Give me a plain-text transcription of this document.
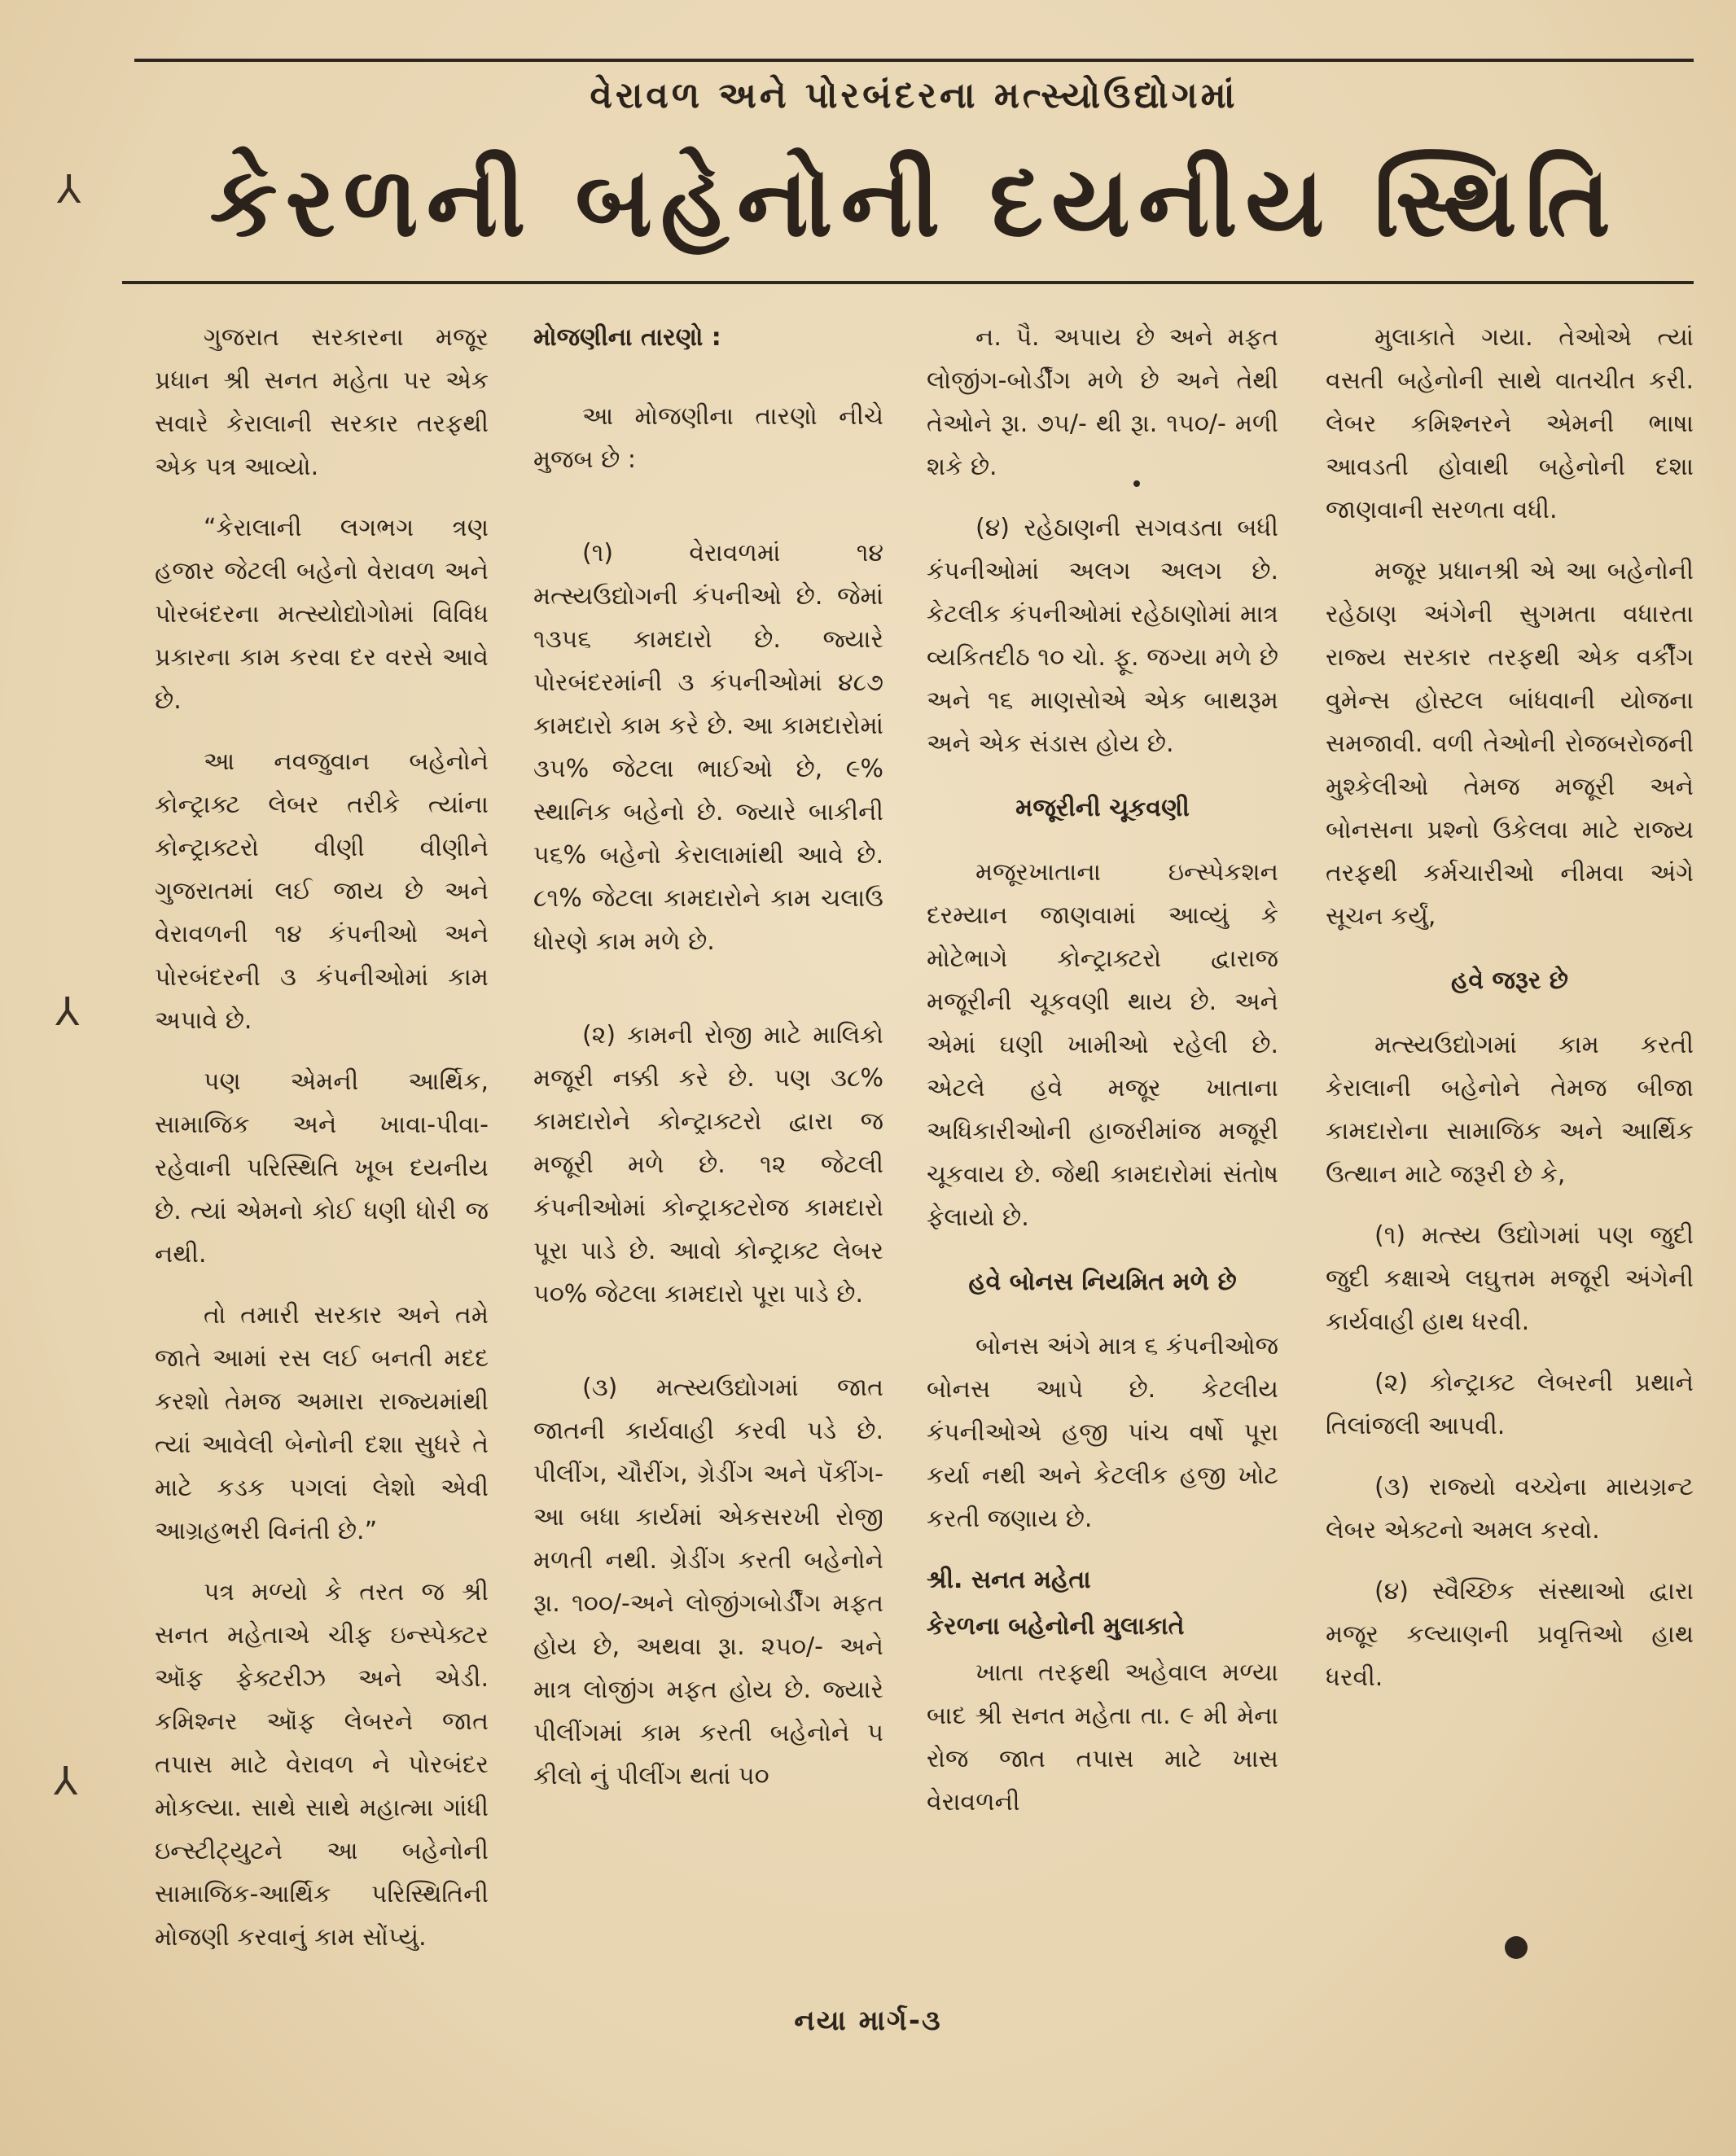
વેરાવળ અને પોરબંદરના મત્સ્યોઉદ્યોગમાં
કેરળની બહેનોની દયનીય સ્થિતિ
⅄
⅄
⅄

ગુજરાત સરકારના મજૂર પ્રધાન શ્રી સનત મહેતા પર એક સવારે કેરાલાની સરકાર તરફથી એક પત્ર આવ્યો.

“કેરાલાની લગભગ ત્રણ હજાર જેટલી બહેનો વેરાવળ અને પોરબંદરના મત્સ્યોદ્યોગોમાં વિવિધ પ્રકારના કામ કરવા દર વરસે આવે છે.

આ નવજુવાન બહેનોને કોન્ટ્રાક્ટ લેબર તરીકે ત્યાંના કોન્ટ્રાક્ટરો વીણી વીણીને ગુજરાતમાં લઈ જાય છે અને વેરાવળની ૧૪ કંપનીઓ અને પોરબંદરની ૩ કંપનીઓમાં કામ અપાવે છે.

પણ એમની આર્થિક, સામાજિક અને ખાવા-પીવા-રહેવાની પરિસ્થિતિ ખૂબ દયનીય છે. ત્યાં એમનો કોઈ ધણી ધોરી જ નથી.

તો તમારી સરકાર અને તમે જાતે આમાં રસ લઈ બનતી મદદ કરશો તેમજ અમારા રાજ્યમાંથી ત્યાં આવેલી બેનોની દશા સુધરે તે માટે કડક પગલાં લેશો એવી આગ્રહભરી વિનંતી છે.”

પત્ર મળ્યો કે તરત જ શ્રી સનત મહેતાએ ચીફ ઇન્સ્પેક્ટર ઑફ ફેક્ટરીઝ અને એડી. કમિશ્નર ઑફ લેબરને જાત તપાસ માટે વેરાવળ ને પોરબંદર મોકલ્યા. સાથે સાથે મહાત્મા ગાંધી ઇન્સ્ટીટ્યુટને આ બહેનોની સામાજિક-આર્થિક પરિસ્થિતિની મોજણી કરવાનું કામ સોંપ્યું.

મોજણીના તારણો :

આ મોજણીના તારણો નીચે મુજબ છે :

(૧) વેરાવળમાં ૧૪ મત્સ્યઉદ્યોગની કંપનીઓ છે. જેમાં ૧૩૫૬ કામદારો છે. જ્યારે પોરબંદરમાંની ૩ કંપનીઓમાં ૪૮૭ કામદારો કામ કરે છે. આ કામદારોમાં ૩૫% જેટલા ભાઈઓ છે, ૯% સ્થાનિક બહેનો છે. જ્યારે બાકીની ૫૬% બહેનો કેરાલામાંથી આવે છે. ૮૧% જેટલા કામદારોને કામ ચલાઉ ધોરણે કામ મળે છે.

(૨) કામની રોજી માટે માલિકો મજૂરી નક્કી કરે છે. પણ ૩૮% કામદારોને કોન્ટ્રાક્ટરો દ્વારા જ મજૂરી મળે છે. ૧૨ જેટલી કંપનીઓમાં કોન્ટ્રાક્ટરોજ કામદારો પૂરા પાડે છે. આવો કોન્ટ્રાક્ટ લેબર ૫૦% જેટલા કામદારો પૂરા પાડે છે.

(૩) મત્સ્યઉદ્યોગમાં જાત જાતની કાર્યવાહી કરવી પડે છે. પીલીંગ, ચૌરીંગ, ગ્રેડીંગ અને પૅકીંગ-આ બધા કાર્યમાં એકસરખી રોજી મળતી નથી. ગ્રેડીંગ કરતી બહેનોને રૂા. ૧૦૦/-અને લોજીંગબોર્ડીંગ મફત હોય છે, અથવા રૂા. ૨૫૦/- અને માત્ર લોજીંગ મફત હોય છે. જ્યારે પીલીંગમાં કામ કરતી બહેનોને ૫ કીલો નું પીલીંગ થતાં ૫૦

ન. પૈ. અપાય છે અને મફત લોજીંગ-બોર્ડીંગ મળે છે અને તેથી તેઓને રૂા. ૭૫/- થી રૂા. ૧૫૦/- મળી શકે છે.

(૪) રહેઠાણની સગવડતા બધી કંપનીઓમાં અલગ અલગ છે. કેટલીક કંપનીઓમાં રહેઠાણોમાં માત્ર વ્યકિતદીઠ ૧૦ ચો. ફૂ. જગ્યા મળે છે અને ૧૬ માણસોએ એક બાથરૂમ અને એક સંડાસ હોય છે.

મજૂરીની ચૂકવણી

મજૂરખાતાના ઇન્સ્પેકશન દરમ્યાન જાણવામાં આવ્યું કે મોટેભાગે કોન્ટ્રાક્ટરો દ્વારાજ મજૂરીની ચૂકવણી થાય છે. અને એમાં ઘણી ખામીઓ રહેલી છે. એટલે હવે મજૂર ખાતાના અધિકારીઓની હાજરીમાંજ મજૂરી ચૂકવાય છે. જેથી કામદારોમાં સંતોષ ફેલાયો છે.

હવે બોનસ નિયમિત મળે છે

બોનસ અંગે માત્ર ૬ કંપનીઓજ બોનસ આપે છે. કેટલીય કંપનીઓએ હજી પાંચ વર્ષો પૂરા કર્યા નથી અને કેટલીક હજી ખોટ કરતી જણાય છે.

શ્રી. સનત મહેતા

કેરળના બહેનોની મુલાકાતે

ખાતા તરફથી અહેવાલ મળ્યા બાદ શ્રી સનત મહેતા તા. ૯ મી મેના રોજ જાત તપાસ માટે ખાસ વેરાવળની

મુલાકાતે ગયા. તેઓએ ત્યાં વસતી બહેનોની સાથે વાતચીત કરી. લેબર કમિશ્નરને એમની ભાષા આવડતી હોવાથી બહેનોની દશા જાણવાની સરળતા વધી.

મજૂર પ્રધાનશ્રી એ આ બહેનોની રહેઠાણ અંગેની સુગમતા વધારતા રાજ્ય સરકાર તરફથી એક વર્કીંગ વુમેન્સ હોસ્ટલ બાંધવાની યોજના સમજાવી. વળી તેઓની રોજબરોજની મુશ્કેલીઓ તેમજ મજૂરી અને બોનસના પ્રશ્નો ઉકેલવા માટે રાજ્ય તરફથી કર્મચારીઓ નીમવા અંગે સૂચન કર્યું,

હવે જરૂર છે

મત્સ્યઉદ્યોગમાં કામ કરતી કેરાલાની બહેનોને તેમજ બીજા કામદારોના સામાજિક અને આર્થિક ઉત્થાન માટે જરૂરી છે કે,

(૧) મત્સ્ય ઉદ્યોગમાં પણ જુદી જુદી કક્ષાએ લઘુત્તમ મજૂરી અંગેની કાર્યવાહી હાથ ધરવી.

(૨) કોન્ટ્રાક્ટ લેબરની પ્રથાને તિલાંજલી આપવી.

(૩) રાજ્યો વચ્ચેના માયગ્રન્ટ લેબર એક્ટનો અમલ કરવો.

(૪) સ્વૈચ્છિક સંસ્થાઓ દ્વારા મજૂર કલ્યાણની પ્રવૃત્તિઓ હાથ ધરવી.

નયા માર્ગ-૩
